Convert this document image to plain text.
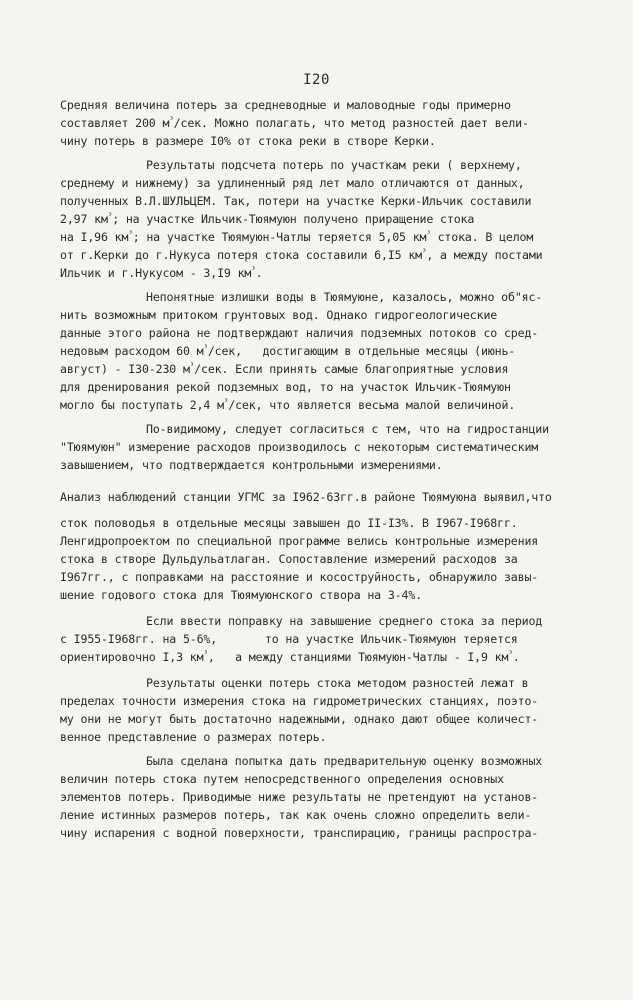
I20
Средняя величина потерь за средневодные и маловодные годы примерно
составляет 200 $м^{^3}$/сек. Можно полагать, что метод разностей дает вели-
чину потерь в размере I0% от стока реки в створе Керки.
Результаты подсчета потерь по участкам реки ( верхнему,
среднему и нижнему) за удлиненный ряд лет мало отличаются от данных,
полученных В.Л.ШУЛЬЦЕМ. Так, потери на участке Керки-Ильчик составили
2,97 $км^{^3}$; на участке Ильчик-Тюямуюн получено приращение стока
на I,96 $км^{^3}$; на участке Тюямуюн-Чатлы теряется 5,05 $км^{^3}$ стока. В целом
от г.Керки до г.Нукуса потеря стока составили 6,I5 $км^{^3}$, а между постами
Ильчик и г.Нукусом - 3,I9 $км^{^3}$.
Непонятные излишки воды в Тюямуюне, казалось, можно об"яс-
нить возможным притоком грунтовых вод. Однако гидрогеологические
данные этого района не подтверждают наличия подземных потоков со сред-
недовым расходом 60 $м^{^3}$/сек,   достигающим в отдельные месяцы (июнь-
август) - I30-230 $м^{^3}$/сек. Если принять самые благоприятные условия
для дренирования рекой подземных вод, то на участок Ильчик-Тюямуюн
могло бы поступать 2,4 $м^{^3}$/сек, что является весьма малой величиной.
По-видимому, следует согласиться с тем, что на гидростанции
"Тюямуюн" измерение расходов производилось с некоторым систематическим
завышением, что подтверждается контрольными измерениями.
Анализ наблюдений станции УГМС за I962-63гг.в районе Тюямуюна выявил,что
сток половодья в отдельные месяцы завышен до II-I3%. В I967-I968гг.
Ленгидропроектом по специальной программе велись контрольные измерения
стока в створе Дульдульатлаган. Сопоставление измерений расходов за
I967гг., с поправками на расстояние и косоструйность, обнаружило завы-
шение годового стока для Тюямуюнского створа на 3-4%.
Если ввести поправку на завышение среднего стока за период
с I955-I968гг. на 5-6%,       то на участке Ильчик-Тюямуюн теряется
ориентировочно I,3 $км^{^3}$,   а между станциями Тюямуюн-Чатлы - I,9 $км^{^3}$.
Результаты оценки потерь стока методом разностей лежат в
пределах точности измерения стока на гидрометрических станциях, поэто-
му они не могут быть достаточно надежными, однако дают общее количест-
венное представление о размерах потерь.
Была сделана попытка дать предварительную оценку возможных
величин потерь стока путем непосредственного определения основных
элементов потерь. Приводимые ниже результаты не претендуют на установ-
ление истинных размеров потерь, так как очень сложно определить вели-
чину испарения с водной поверхности, транспирацию, границы распростра-
